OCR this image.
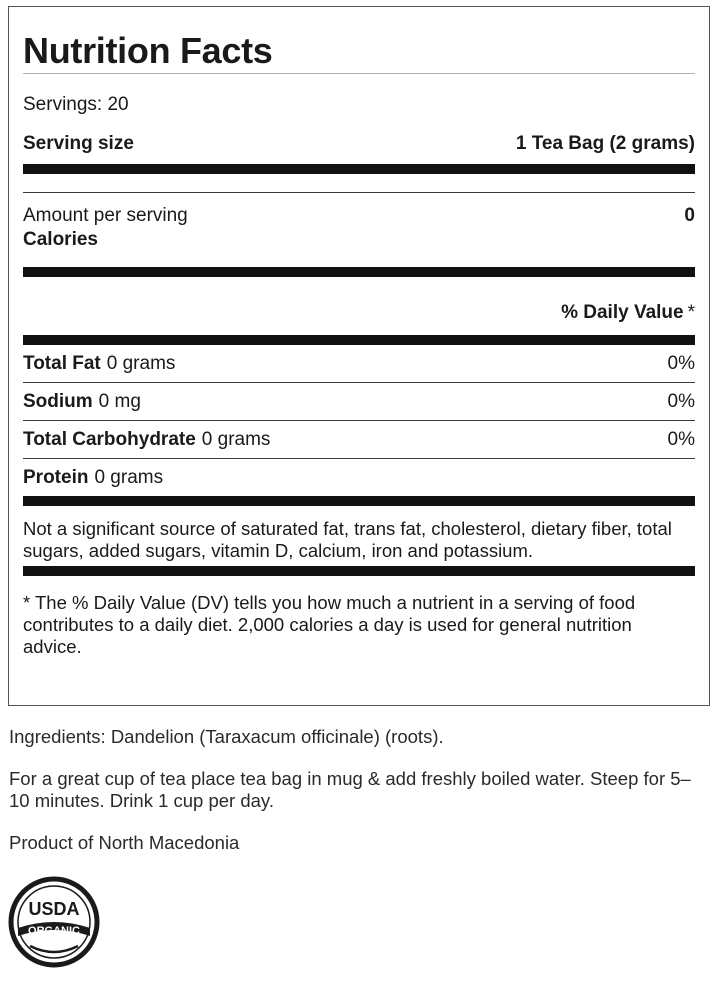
Nutrition Facts
Servings: 20
Serving size	1 Tea Bag (2 grams)
Amount per serving	0
Calories
% Daily Value *
Total Fat 0 grams	0%
Sodium 0 mg	0%
Total Carbohydrate 0 grams	0%
Protein 0 grams
Not a significant source of saturated fat, trans fat, cholesterol, dietary fiber, total sugars, added sugars, vitamin D, calcium, iron and potassium.
* The % Daily Value (DV) tells you how much a nutrient in a serving of food contributes to a daily diet. 2,000 calories a day is used for general nutrition advice.
Ingredients: Dandelion (Taraxacum officinale) (roots).
For a great cup of tea place tea bag in mug & add freshly boiled water. Steep for 5–10 minutes. Drink 1 cup per day.
Product of North Macedonia
USDA
ORGANIC
